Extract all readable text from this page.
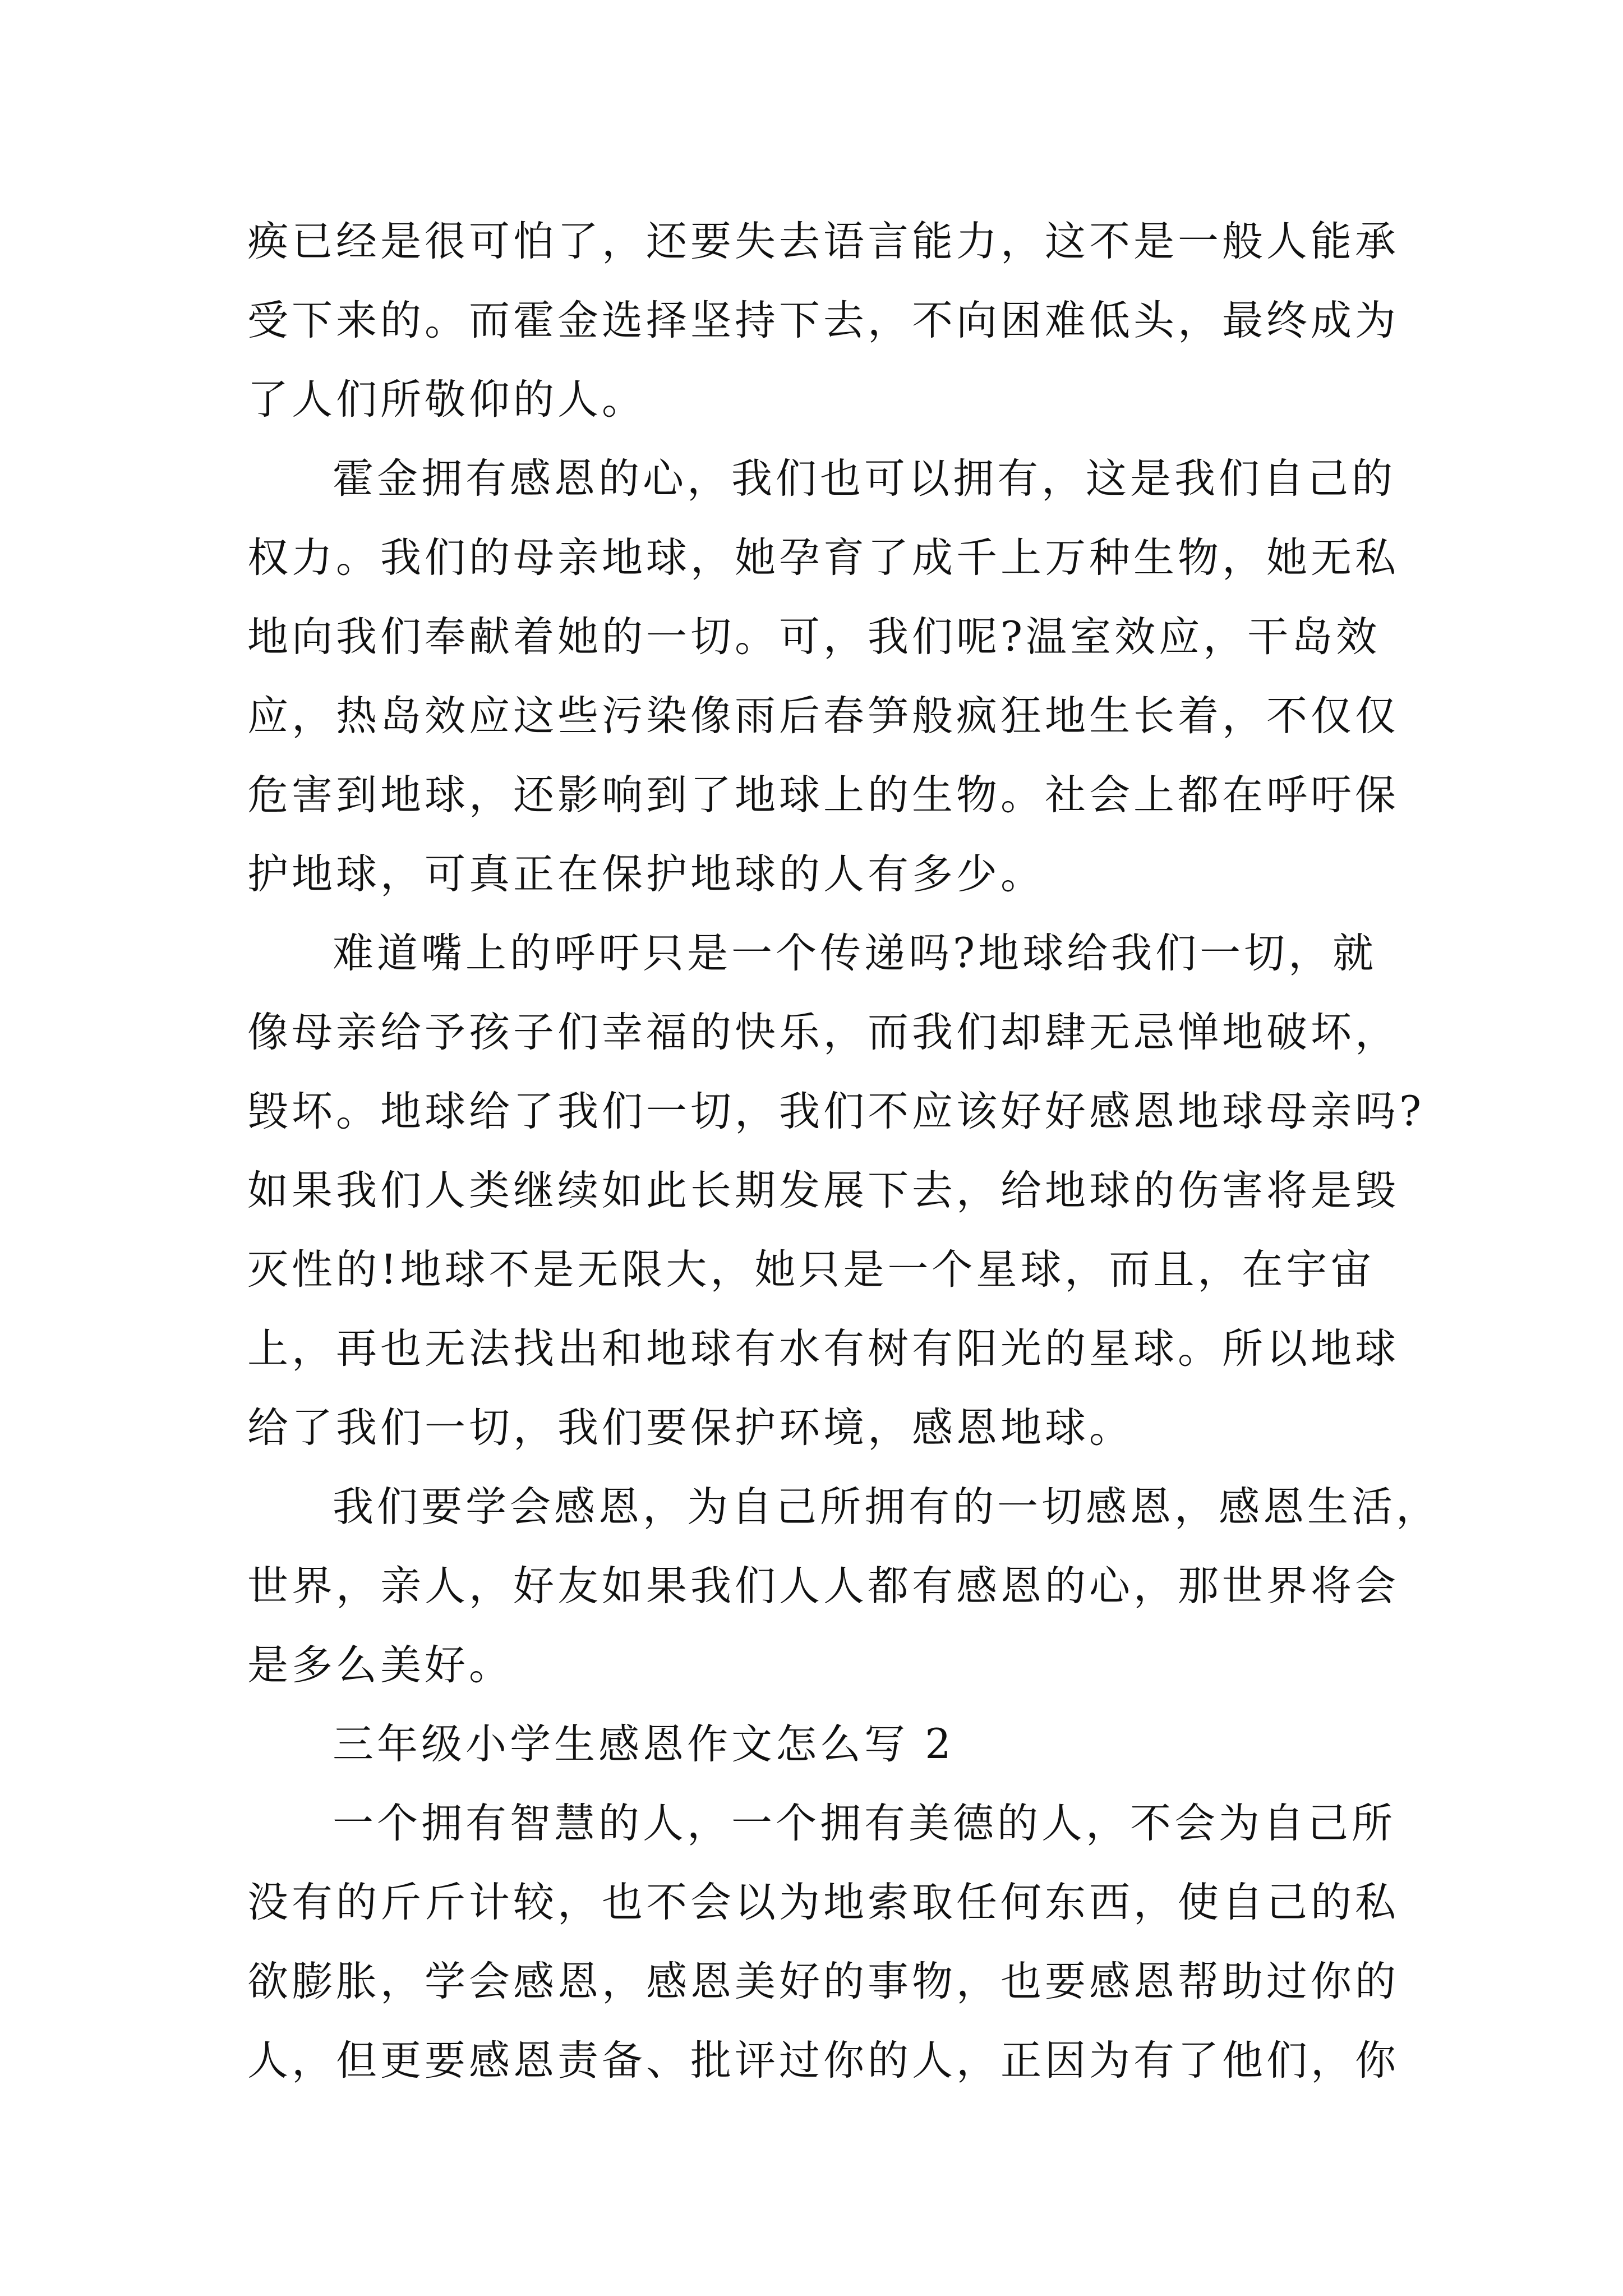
痪已经是很可怕了，还要失去语言能力，这不是一般人能承
受下来的。而霍金选择坚持下去，不向困难低头，最终成为
了人们所敬仰的人。

霍金拥有感恩的心，我们也可以拥有，这是我们自己的
权力。我们的母亲地球，她孕育了成千上万种生物，她无私
地向我们奉献着她的一切。可，我们呢?温室效应，干岛效
应，热岛效应这些污染像雨后春笋般疯狂地生长着，不仅仅
危害到地球，还影响到了地球上的生物。社会上都在呼吁保
护地球，可真正在保护地球的人有多少。

难道嘴上的呼吁只是一个传递吗?地球给我们一切，就
像母亲给予孩子们幸福的快乐，而我们却肆无忌惮地破坏，
毁坏。地球给了我们一切，我们不应该好好感恩地球母亲吗?
如果我们人类继续如此长期发展下去，给地球的伤害将是毁
灭性的!地球不是无限大，她只是一个星球，而且，在宇宙
上，再也无法找出和地球有水有树有阳光的星球。所以地球
给了我们一切，我们要保护环境，感恩地球。

我们要学会感恩，为自己所拥有的一切感恩，感恩生活，
世界，亲人，好友如果我们人人都有感恩的心，那世界将会
是多么美好。

三年级小学生感恩作文怎么写 2

一个拥有智慧的人，一个拥有美德的人，不会为自己所
没有的斤斤计较，也不会以为地索取任何东西，使自己的私
欲膨胀，学会感恩，感恩美好的事物，也要感恩帮助过你的
人，但更要感恩责备、批评过你的人，正因为有了他们，你
